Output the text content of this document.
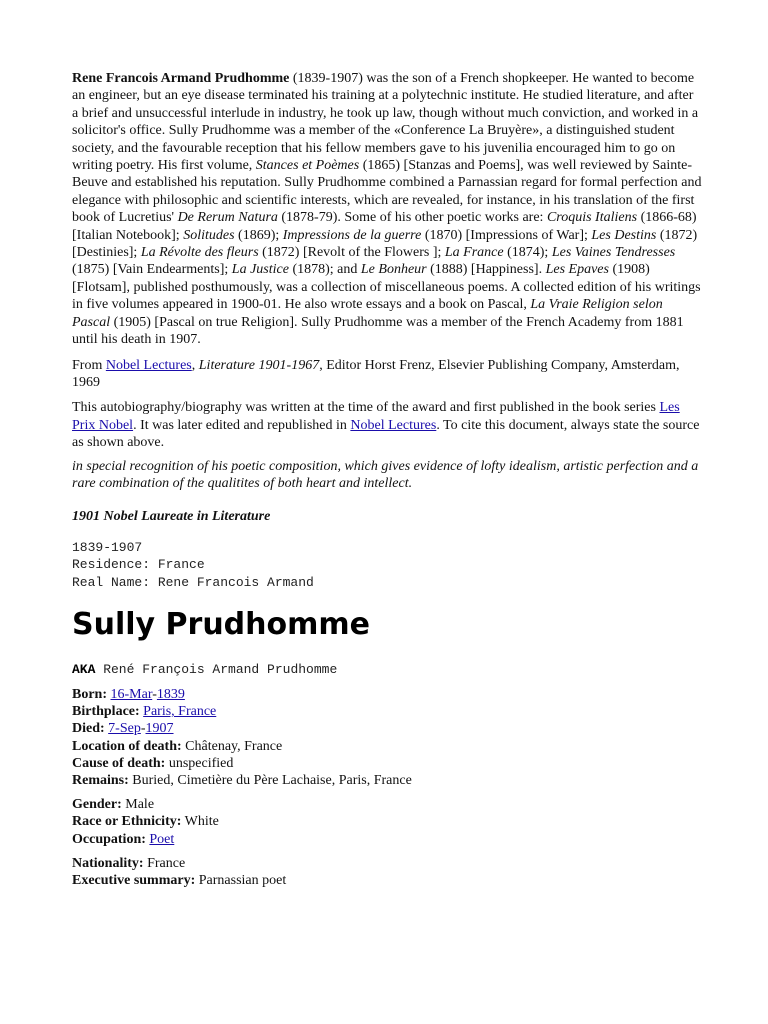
Rene Francois Armand Prudhomme (1839-1907) was the son of a French shopkeeper. He wanted to become an engineer, but an eye disease terminated his training at a polytechnic institute. He studied literature, and after a brief and unsuccessful interlude in industry, he took up law, though without much conviction, and worked in a solicitor's office. Sully Prudhomme was a member of the «Conference La Bruyère», a distinguished student society, and the favourable reception that his fellow members gave to his juvenilia encouraged him to go on writing poetry. His first volume, Stances et Poèmes (1865) [Stanzas and Poems], was well reviewed by Sainte-Beuve and established his reputation. Sully Prudhomme combined a Parnassian regard for formal perfection and elegance with philosophic and scientific interests, which are revealed, for instance, in his translation of the first book of Lucretius' De Rerum Natura (1878-79). Some of his other poetic works are: Croquis Italiens (1866-68) [Italian Notebook]; Solitudes (1869); Impressions de la guerre (1870) [Impressions of War]; Les Destins (1872) [Destinies]; La Révolte des fleurs (1872) [Revolt of the Flowers ]; La France (1874); Les Vaines Tendresses (1875) [Vain Endearments]; La Justice (1878); and Le Bonheur (1888) [Happiness]. Les Epaves (1908) [Flotsam], published posthumously, was a collection of miscellaneous poems. A collected edition of his writings in five volumes appeared in 1900-01. He also wrote essays and a book on Pascal, La Vraie Religion selon Pascal (1905) [Pascal on true Religion]. Sully Prudhomme was a member of the French Academy from 1881 until his death in 1907.

From Nobel Lectures, Literature 1901-1967, Editor Horst Frenz, Elsevier Publishing Company, Amsterdam, 1969

This autobiography/biography was written at the time of the award and first published in the book series Les Prix Nobel. It was later edited and republished in Nobel Lectures. To cite this document, always state the source as shown above.

in special recognition of his poetic composition, which gives evidence of lofty idealism, artistic perfection and a rare combination of the qualitites of both heart and intellect.

1901 Nobel Laureate in Literature

1839-1907
Residence: France
Real Name: Rene Francois Armand
Sully Prudhomme
AKA René François Armand Prudhomme
Born: 16-Mar-1839
Birthplace: Paris, France
Died: 7-Sep-1907
Location of death: Châtenay, France
Cause of death: unspecified
Remains: Buried, Cimetière du Père Lachaise, Paris, France
Gender: Male
Race or Ethnicity: White
Occupation: Poet
Nationality: France
Executive summary: Parnassian poet
